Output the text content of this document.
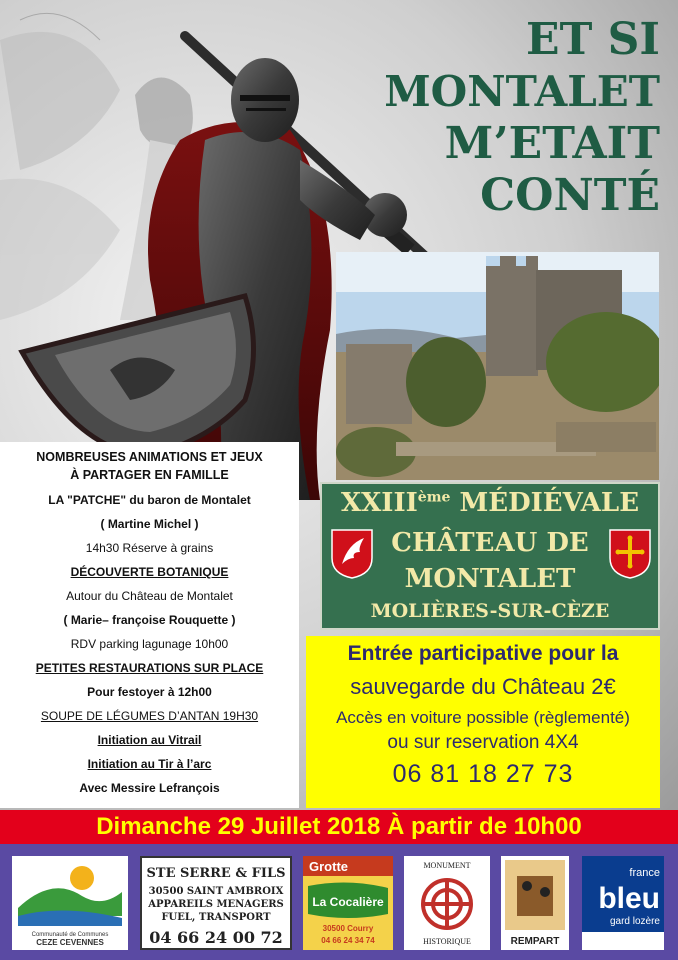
ET SI
MONTALET
M’ETAIT
CONTÉ
NOMBREUSES ANIMATIONS ET JEUX
À PARTAGER EN FAMILLE
LA "PATCHE" du baron de Montalet
( Martine Michel )
14h30 Réserve à grains
DÉCOUVERTE BOTANIQUE
Autour du Château de Montalet
( Marie– françoise Rouquette )
RDV parking lagunage 10h00
PETITES RESTAURATIONS SUR PLACE
Pour festoyer à 12h00
SOUPE DE LÉGUMES D’ANTAN 19H30
Initiation au Vitrail
Initiation au Tir à l’arc
Avec Messire Lefrançois
XXIIIème MÉDIÉVALE
CHÂTEAU DE
MONTALET
MOLIÈRES-SUR-CÈZE
Entrée participative pour la
sauvegarde du Château 2€
Accès en voiture possible (règlementé)
ou sur reservation 4X4
06 81 18 27 73
Dimanche 29 Juillet 2018 À partir de 10h00
Communauté de Communes
CEZE CEVENNES
STE SERRE & FILS
30500 SAINT AMBROIX
APPAREILS MENAGERS
FUEL, TRANSPORT
04 66 24 00 72
Grotte
La Cocalière
30500 Courry
04 66 24 34 74
MONUMENT
HISTORIQUE	REMPART
france
bleu
gard lozère
